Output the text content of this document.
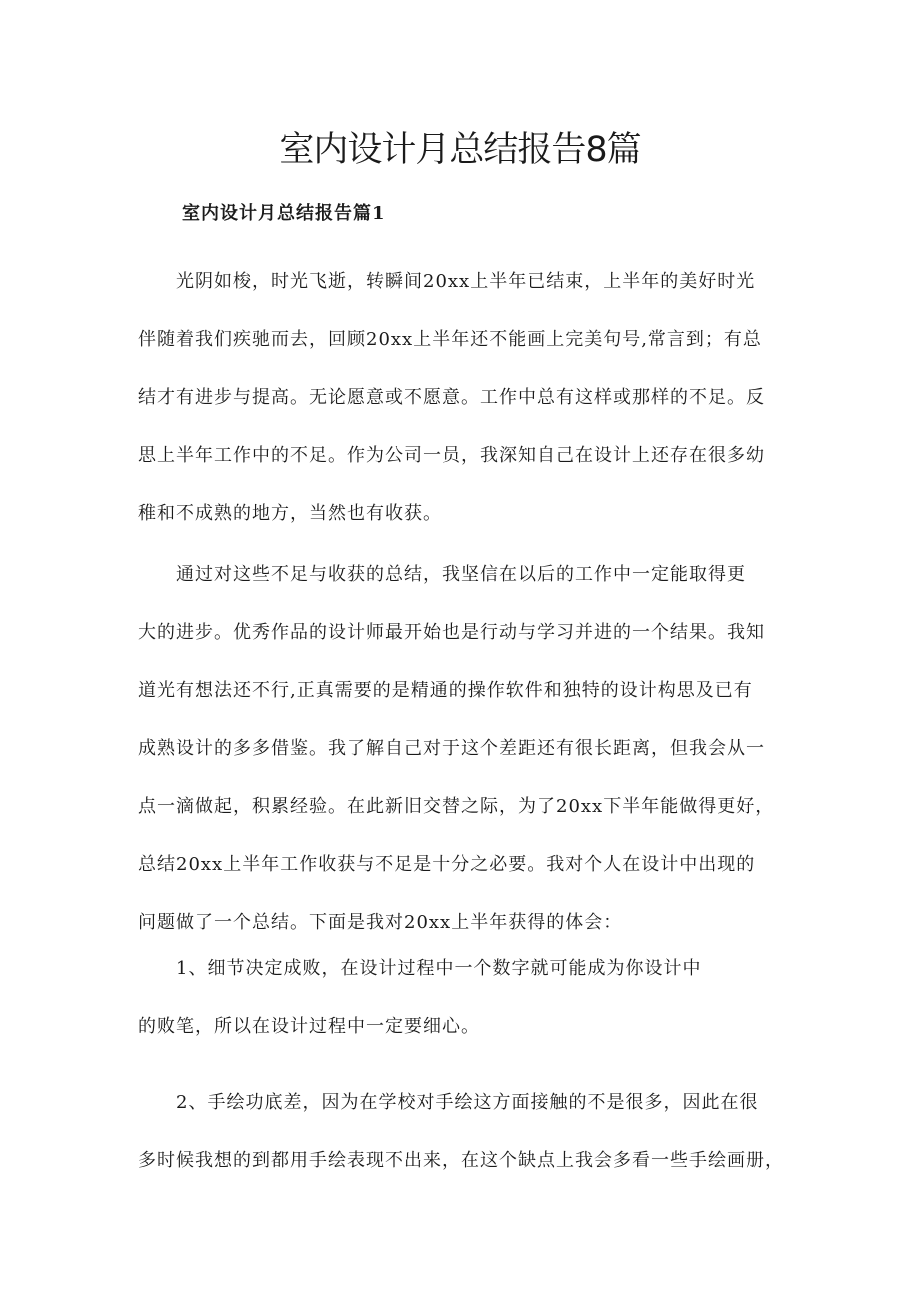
室内设计月总结报告8篇
室内设计月总结报告篇1

　　光阴如梭，时光飞逝，转瞬间20xx上半年已结束，上半年的美好时光
伴随着我们疾驰而去，回顾20xx上半年还不能画上完美句号,常言到；有总
结才有进步与提高。无论愿意或不愿意。工作中总有这样或那样的不足。反
思上半年工作中的不足。作为公司一员，我深知自己在设计上还存在很多幼
稚和不成熟的地方，当然也有收获。

　　通过对这些不足与收获的总结，我坚信在以后的工作中一定能取得更
大的进步。优秀作品的设计师最开始也是行动与学习并进的一个结果。我知
道光有想法还不行,正真需要的是精通的操作软件和独特的设计构思及已有
成熟设计的多多借鉴。我了解自己对于这个差距还有很长距离，但我会从一
点一滴做起，积累经验。在此新旧交替之际，为了20xx下半年能做得更好，
总结20xx上半年工作收获与不足是十分之必要。我对个人在设计中出现的
问题做了一个总结。下面是我对20xx上半年获得的体会：

　　1、细节决定成败，在设计过程中一个数字就可能成为你设计中
的败笔，所以在设计过程中一定要细心。

　　2、手绘功底差，因为在学校对手绘这方面接触的不是很多，因此在很
多时候我想的到都用手绘表现不出来，在这个缺点上我会多看一些手绘画册，
